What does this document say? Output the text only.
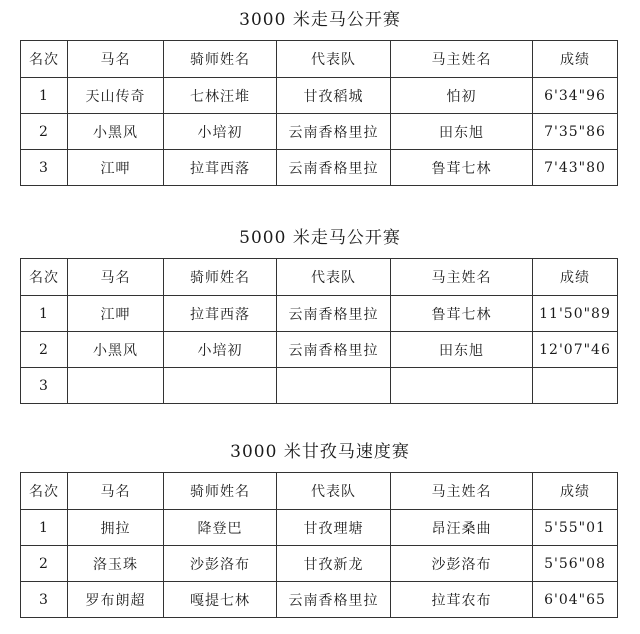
3000 米走马公开赛
名次	马名	骑师姓名	代表队	马主姓名	成绩
1	天山传奇	七林汪堆	甘孜稻城	怕初	6'34"96
2	小黑风	小培初	云南香格里拉	田东旭	7'35"86
3	江呷	拉茸西落	云南香格里拉	鲁茸七林	7'43"80
5000 米走马公开赛
名次	马名	骑师姓名	代表队	马主姓名	成绩
1	江呷	拉茸西落	云南香格里拉	鲁茸七林	11'50"89
2	小黑风	小培初	云南香格里拉	田东旭	12'07"46
3					
3000 米甘孜马速度赛
名次	马名	骑师姓名	代表队	马主姓名	成绩
1	拥拉	降登巴	甘孜理塘	昂汪桑曲	5'55"01
2	洛玉珠	沙彭洛布	甘孜新龙	沙彭洛布	5'56"08
3	罗布朗超	嘎提七林	云南香格里拉	拉茸农布	6'04"65
